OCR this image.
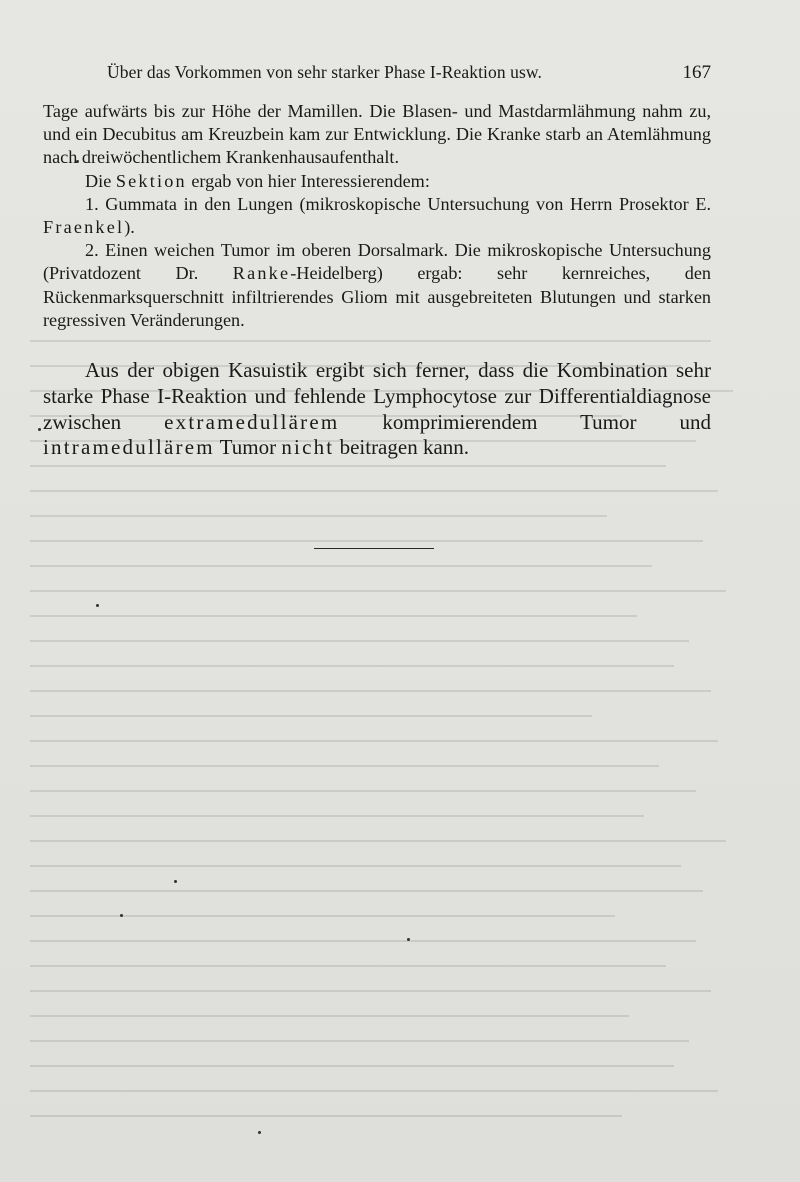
Über das Vorkommen von sehr starker Phase I-Reaktion usw.	167

Tage aufwärts bis zur Höhe der Mamillen. Die Blasen- und Mastdarmlähmung nahm zu, und ein Decubitus am Kreuzbein kam zur Entwicklung. Die Kranke starb an Atemlähmung nach dreiwöchentlichem Krankenhausaufenthalt.

Die Sektion ergab von hier Interessierendem:

1. Gummata in den Lungen (mikroskopische Untersuchung von Herrn Prosektor E. Fraenkel).

2. Einen weichen Tumor im oberen Dorsalmark. Die mikroskopische Untersuchung (Privatdozent Dr. Ranke-Heidelberg) ergab: sehr kernreiches, den Rückenmarksquerschnitt infiltrierendes Gliom mit ausgebreiteten Blutungen und starken regressiven Veränderungen.

Aus der obigen Kasuistik ergibt sich ferner, dass die Kombination sehr starke Phase I-Reaktion und fehlende Lymphocytose zur Differentialdiagnose zwischen extramedullärem komprimierendem Tumor und intramedullärem Tumor nicht beitragen kann.
